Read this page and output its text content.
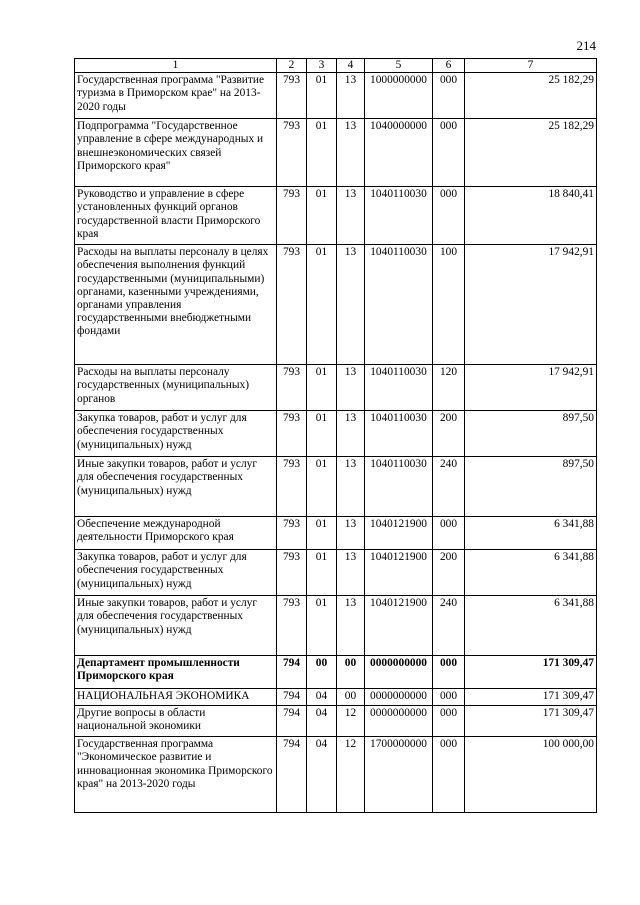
214
1	2	3	4	5	6	7
Государственная программа "Развитие туризма в Приморском крае" на 2013-2020 годы	793	01	13	1000000000	000	25 182,29
Подпрограмма "Государственное управление в сфере международных и внешнеэкономических связей Приморского края"	793	01	13	1040000000	000	25 182,29
Руководство и управление в сфере установленных функций органов государственной власти Приморского края	793	01	13	1040110030	000	18 840,41
Расходы на выплаты персоналу в целях обеспечения выполнения функций государственными (муниципальными) органами, казенными учреждениями, органами управления государственными внебюджетными фондами	793	01	13	1040110030	100	17 942,91
Расходы на выплаты персоналу государственных (муниципальных) органов	793	01	13	1040110030	120	17 942,91
Закупка товаров, работ и услуг для обеспечения государственных (муниципальных) нужд	793	01	13	1040110030	200	897,50
Иные закупки товаров, работ и услуг для обеспечения государственных (муниципальных) нужд	793	01	13	1040110030	240	897,50
Обеспечение международной деятельности Приморского края	793	01	13	1040121900	000	6 341,88
Закупка товаров, работ и услуг для обеспечения государственных (муниципальных) нужд	793	01	13	1040121900	200	6 341,88
Иные закупки товаров, работ и услуг для обеспечения государственных (муниципальных) нужд	793	01	13	1040121900	240	6 341,88
Департамент промышленности Приморского края	794	00	00	0000000000	000	171 309,47
НАЦИОНАЛЬНАЯ ЭКОНОМИКА	794	04	00	0000000000	000	171 309,47
Другие вопросы в области национальной экономики	794	04	12	0000000000	000	171 309,47
Государственная программа "Экономическое развитие и инновационная экономика Приморского края" на 2013-2020 годы	794	04	12	1700000000	000	100 000,00
